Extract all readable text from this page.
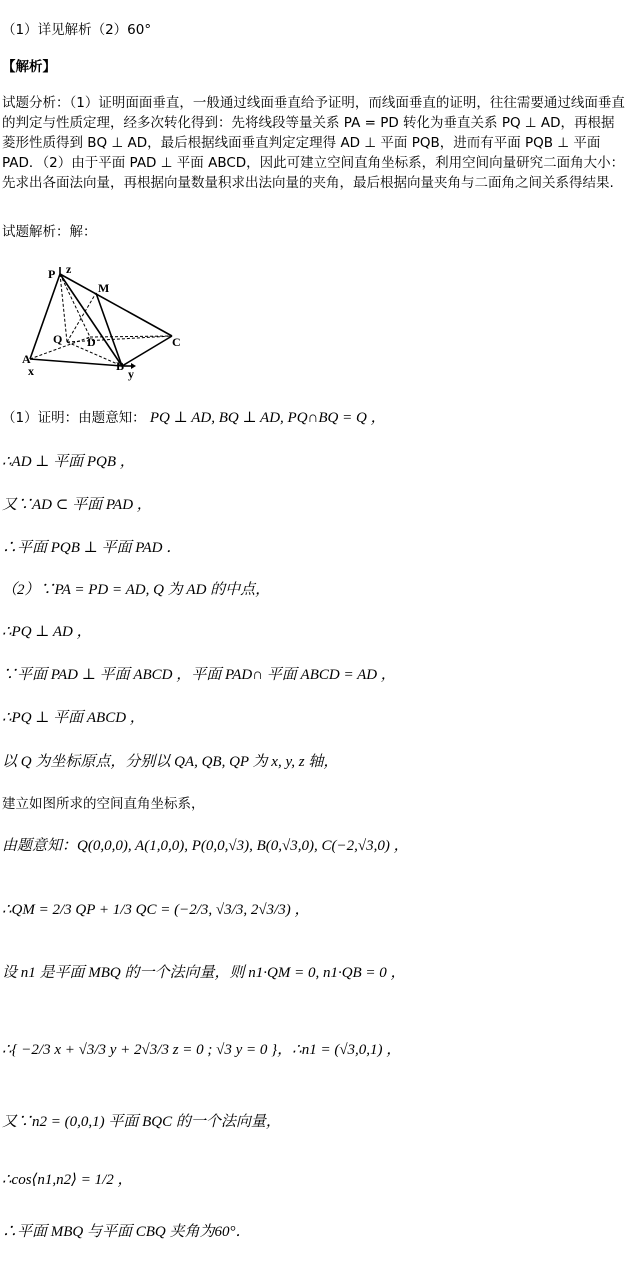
（1）详见解析（2）60°
【解析】
试题分析：（1）证明面面垂直，一般通过线面垂直给予证明，而线面垂直的证明，往往需要通过线面垂直的判定与性质定理，经多次转化得到：先将线段等量关系 PA = PD 转化为垂直关系 PQ ⊥ AD，再根据菱形性质得到 BQ ⊥ AD，最后根据线面垂直判定定理得 AD ⊥ 平面 PQB，进而有平面 PQB ⊥ 平面 PAD．（2）由于平面 PAD ⊥ 平面 ABCD，因此可建立空间直角坐标系，利用空间向量研究二面角大小：先求出各面法向量，再根据向量数量积求出法向量的夹角，最后根据向量夹角与二面角之间关系得结果.
试题解析：解：
P z
M
Q D	C
A
x	B
y
（1）证明：由题意知： PQ ⊥ AD, BQ ⊥ AD, PQ∩BQ = Q ，
∴AD ⊥ 平面 PQB ，
又∵AD ⊂ 平面 PAD ，
∴平面 PQB ⊥ 平面 PAD ．
（2）∵PA = PD = AD, Q 为 AD 的中点，
∴PQ ⊥ AD ，
∵平面 PAD ⊥ 平面 ABCD ，平面 PAD∩ 平面 ABCD = AD ，
∴PQ ⊥ 平面 ABCD ，
以 Q 为坐标原点，分别以 QA, QB, QP 为 x, y, z 轴，
建立如图所求的空间直角坐标系，
由题意知：Q(0,0,0), A(1,0,0), P(0,0,√3), B(0,√3,0), C(−2,√3,0) ，
∴QM = 2/3 QP + 1/3 QC = (−2/3, √3/3, 2√3/3) ，
设 n1 是平面 MBQ 的一个法向量，则 n1·QM = 0, n1·QB = 0 ，
∴{ −2/3 x + √3/3 y + 2√3/3 z = 0 ; √3 y = 0 }，∴n1 = (√3,0,1) ，
又∵n2 = (0,0,1) 平面 BQC 的一个法向量，
∴cos⟨n1,n2⟩ = 1/2 ，
∴平面 MBQ 与平面 CBQ 夹角为60°．
